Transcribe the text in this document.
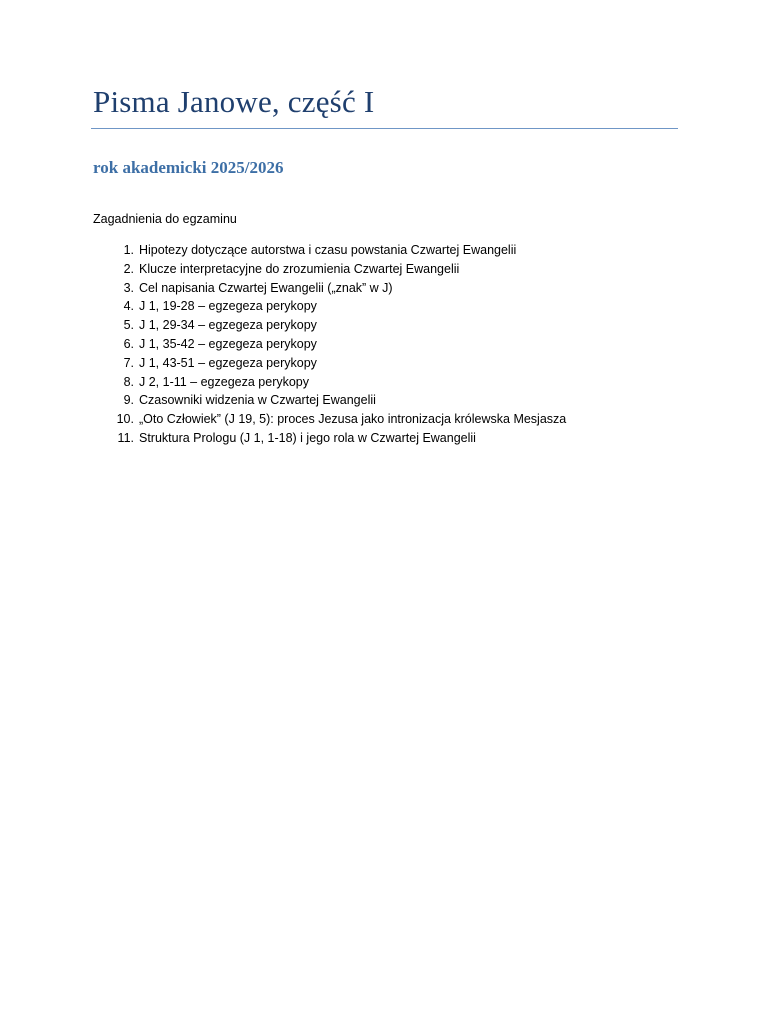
Pisma Janowe, część I
rok akademicki 2025/2026
Zagadnienia do egzaminu
1. Hipotezy dotyczące autorstwa i czasu powstania Czwartej Ewangelii
2. Klucze interpretacyjne do zrozumienia Czwartej Ewangelii
3. Cel napisania Czwartej Ewangelii („znak” w J)
4. J 1, 19-28 – egzegeza perykopy
5. J 1, 29-34 – egzegeza perykopy
6. J 1, 35-42 – egzegeza perykopy
7. J 1, 43-51 – egzegeza perykopy
8. J 2, 1-11 – egzegeza perykopy
9. Czasowniki widzenia w Czwartej Ewangelii
10. „Oto Człowiek” (J 19, 5): proces Jezusa jako intronizacja królewska Mesjasza
11. Struktura Prologu (J 1, 1-18) i jego rola w Czwartej Ewangelii
